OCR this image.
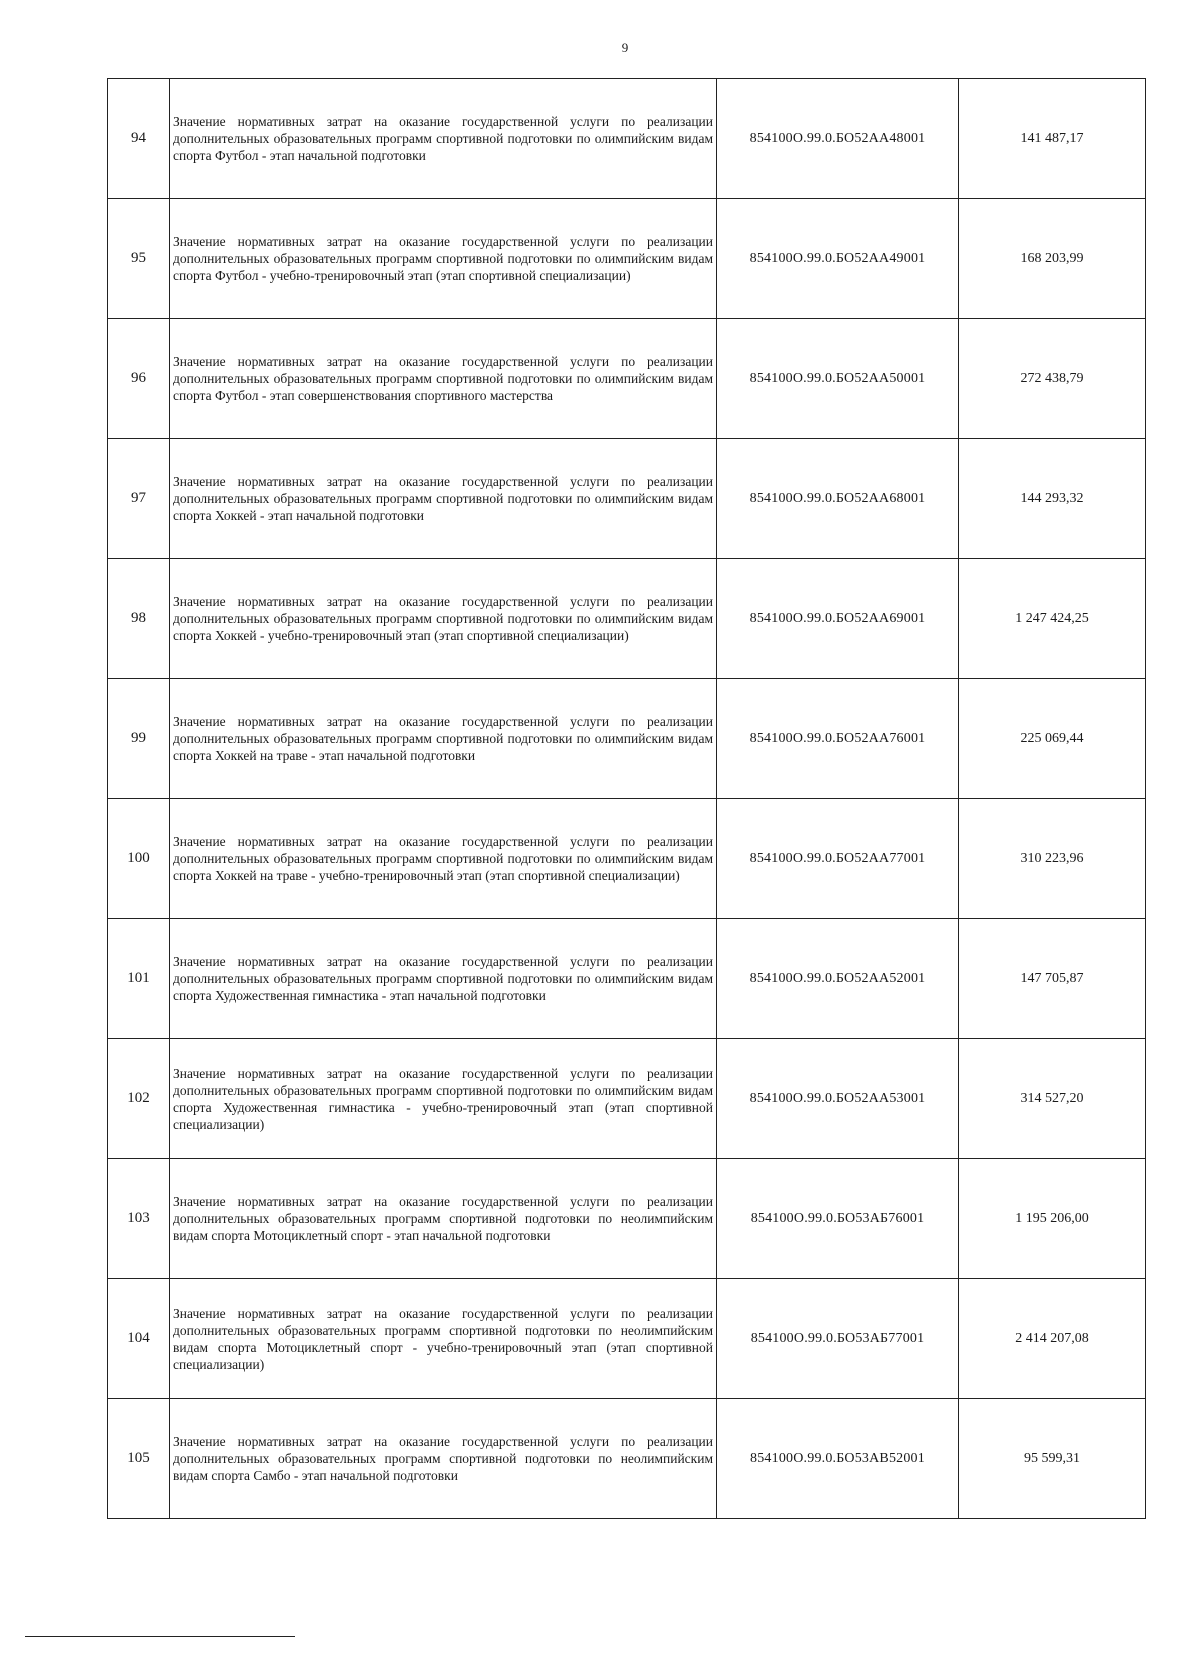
9
94	Значение нормативных затрат на оказание государственной услуги по реализации дополнительных образовательных программ спортивной подготовки по олимпийским видам спорта Футбол - этап начальной подготовки	854100О.99.0.БО52АА48001	141 487,17
95	Значение нормативных затрат на оказание государственной услуги по реализации дополнительных образовательных программ спортивной подготовки по олимпийским видам спорта Футбол - учебно-тренировочный этап (этап спортивной специализации)	854100О.99.0.БО52АА49001	168 203,99
96	Значение нормативных затрат на оказание государственной услуги по реализации дополнительных образовательных программ спортивной подготовки по олимпийским видам спорта Футбол - этап совершенствования спортивного мастерства	854100О.99.0.БО52АА50001	272 438,79
97	Значение нормативных затрат на оказание государственной услуги по реализации дополнительных образовательных программ спортивной подготовки по олимпийским видам спорта Хоккей - этап начальной подготовки	854100О.99.0.БО52АА68001	144 293,32
98	Значение нормативных затрат на оказание государственной услуги по реализации дополнительных образовательных программ спортивной подготовки по олимпийским видам спорта Хоккей - учебно-тренировочный этап (этап спортивной специализации)	854100О.99.0.БО52АА69001	1 247 424,25
99	Значение нормативных затрат на оказание государственной услуги по реализации дополнительных образовательных программ спортивной подготовки по олимпийским видам спорта Хоккей на траве - этап начальной подготовки	854100О.99.0.БО52АА76001	225 069,44
100	Значение нормативных затрат на оказание государственной услуги по реализации дополнительных образовательных программ спортивной подготовки по олимпийским видам спорта Хоккей на траве - учебно-тренировочный этап (этап спортивной специализации)	854100О.99.0.БО52АА77001	310 223,96
101	Значение нормативных затрат на оказание государственной услуги по реализации дополнительных образовательных программ спортивной подготовки по олимпийским видам спорта Художественная гимнастика - этап начальной подготовки	854100О.99.0.БО52АА52001	147 705,87
102	Значение нормативных затрат на оказание государственной услуги по реализации дополнительных образовательных программ спортивной подготовки по олимпийским видам спорта Художественная гимнастика - учебно-тренировочный этап (этап спортивной специализации)	854100О.99.0.БО52АА53001	314 527,20
103	Значение нормативных затрат на оказание государственной услуги по реализации дополнительных образовательных программ спортивной подготовки по неолимпийским видам спорта Мотоциклетный спорт - этап начальной подготовки	854100О.99.0.БО53АБ76001	1 195 206,00
104	Значение нормативных затрат на оказание государственной услуги по реализации дополнительных образовательных программ спортивной подготовки по неолимпийским видам спорта Мотоциклетный спорт - учебно-тренировочный этап (этап спортивной специализации)	854100О.99.0.БО53АБ77001	2 414 207,08
105	Значение нормативных затрат на оказание государственной услуги по реализации дополнительных образовательных программ спортивной подготовки по неолимпийским видам спорта Самбо - этап начальной подготовки	854100О.99.0.БО53АВ52001	95 599,31
